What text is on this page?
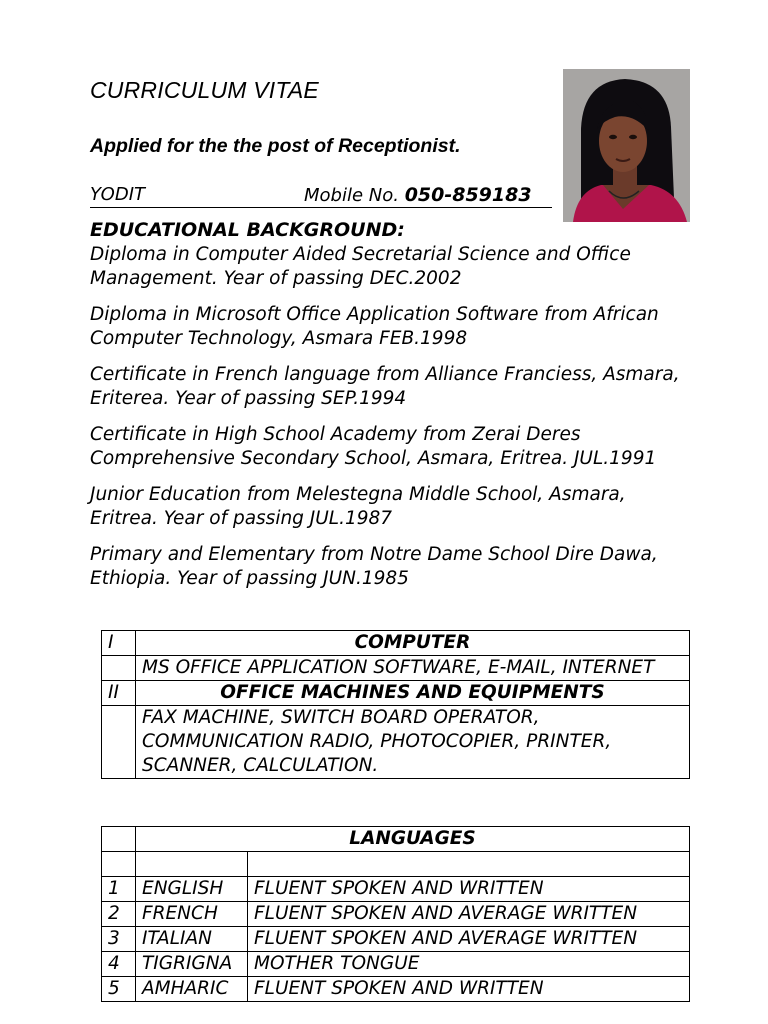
CURRICULUM VITAE
Applied for the the post of Receptionist.
YODIT	Mobile No. 050-859183
EDUCATIONAL BACKGROUND:

Diploma in Computer Aided Secretarial Science and Office Management. Year of passing DEC.2002

Diploma in Microsoft Office Application Software from African Computer Technology, Asmara FEB.1998

Certificate in French language from Alliance Franciess, Asmara, Eriterea. Year of passing SEP.1994

Certificate in High School Academy from Zerai Deres Comprehensive Secondary School, Asmara, Eritrea. JUL.1991

Junior Education from Melestegna Middle School, Asmara, Eritrea. Year of passing JUL.1987

Primary and Elementary from Notre Dame School Dire Dawa, Ethiopia. Year of passing JUN.1985

I	COMPUTER
	MS OFFICE APPLICATION SOFTWARE, E-MAIL, INTERNET
II	OFFICE MACHINES AND EQUIPMENTS
	FAX MACHINE, SWITCH BOARD OPERATOR, COMMUNICATION RADIO, PHOTOCOPIER, PRINTER, SCANNER, CALCULATION.
	LANGUAGES	

1	ENGLISH	FLUENT SPOKEN AND WRITTEN
2	FRENCH	FLUENT SPOKEN AND AVERAGE WRITTEN
3	ITALIAN	FLUENT SPOKEN AND AVERAGE WRITTEN
4	TIGRIGNA	MOTHER TONGUE
5	AMHARIC	FLUENT SPOKEN AND WRITTEN
